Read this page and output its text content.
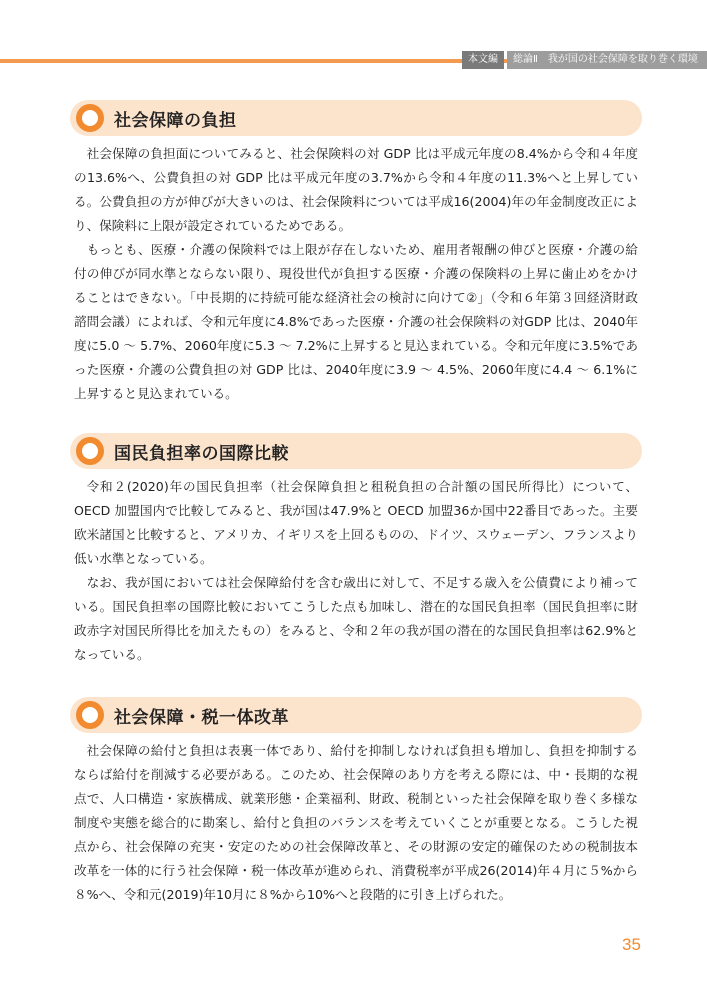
本文編	総論Ⅱ　我が国の社会保障を取り巻く環境
社会保障の負担

社会保障の負担面についてみると、社会保険料の対 GDP 比は平成元年度の8.4%から令和４年度の13.6%へ、公費負担の対 GDP 比は平成元年度の3.7%から令和４年度の11.3%へと上昇している。公費負担の方が伸びが大きいのは、社会保険料については平成16(2004)年の年金制度改正により、保険料に上限が設定されているためである。

もっとも、医療・介護の保険料では上限が存在しないため、雇用者報酬の伸びと医療・介護の給付の伸びが同水準とならない限り、現役世代が負担する医療・介護の保険料の上昇に歯止めをかけることはできない。「中長期的に持続可能な経済社会の検討に向けて②」（令和６年第３回経済財政諮問会議）によれば、令和元年度に4.8%であった医療・介護の社会保険料の対GDP 比は、2040年度に5.0 ～ 5.7%、2060年度に5.3 ～ 7.2%に上昇すると見込まれている。令和元年度に3.5%であった医療・介護の公費負担の対 GDP 比は、2040年度に3.9 ～ 4.5%、2060年度に4.4 ～ 6.1%に上昇すると見込まれている。

国民負担率の国際比較

令和２(2020)年の国民負担率（社会保障負担と租税負担の合計額の国民所得比）について、OECD 加盟国内で比較してみると、我が国は47.9%と OECD 加盟36か国中22番目であった。主要欧米諸国と比較すると、アメリカ、イギリスを上回るものの、ドイツ、スウェーデン、フランスより低い水準となっている。

なお、我が国においては社会保障給付を含む歳出に対して、不足する歳入を公債費により補っている。国民負担率の国際比較においてこうした点も加味し、潜在的な国民負担率（国民負担率に財政赤字対国民所得比を加えたもの）をみると、令和２年の我が国の潜在的な国民負担率は62.9%となっている。

社会保障・税一体改革

社会保障の給付と負担は表裏一体であり、給付を抑制しなければ負担も増加し、負担を抑制するならば給付を削減する必要がある。このため、社会保障のあり方を考える際には、中・長期的な視点で、人口構造・家族構成、就業形態・企業福利、財政、税制といった社会保障を取り巻く多様な制度や実態を総合的に勘案し、給付と負担のバランスを考えていくことが重要となる。こうした視点から、社会保障の充実・安定のための社会保障改革と、その財源の安定的確保のための税制抜本改革を一体的に行う社会保障・税一体改革が進められ、消費税率が平成26(2014)年４月に５%から８%へ、令和元(2019)年10月に８%から10%へと段階的に引き上げられた。

35
